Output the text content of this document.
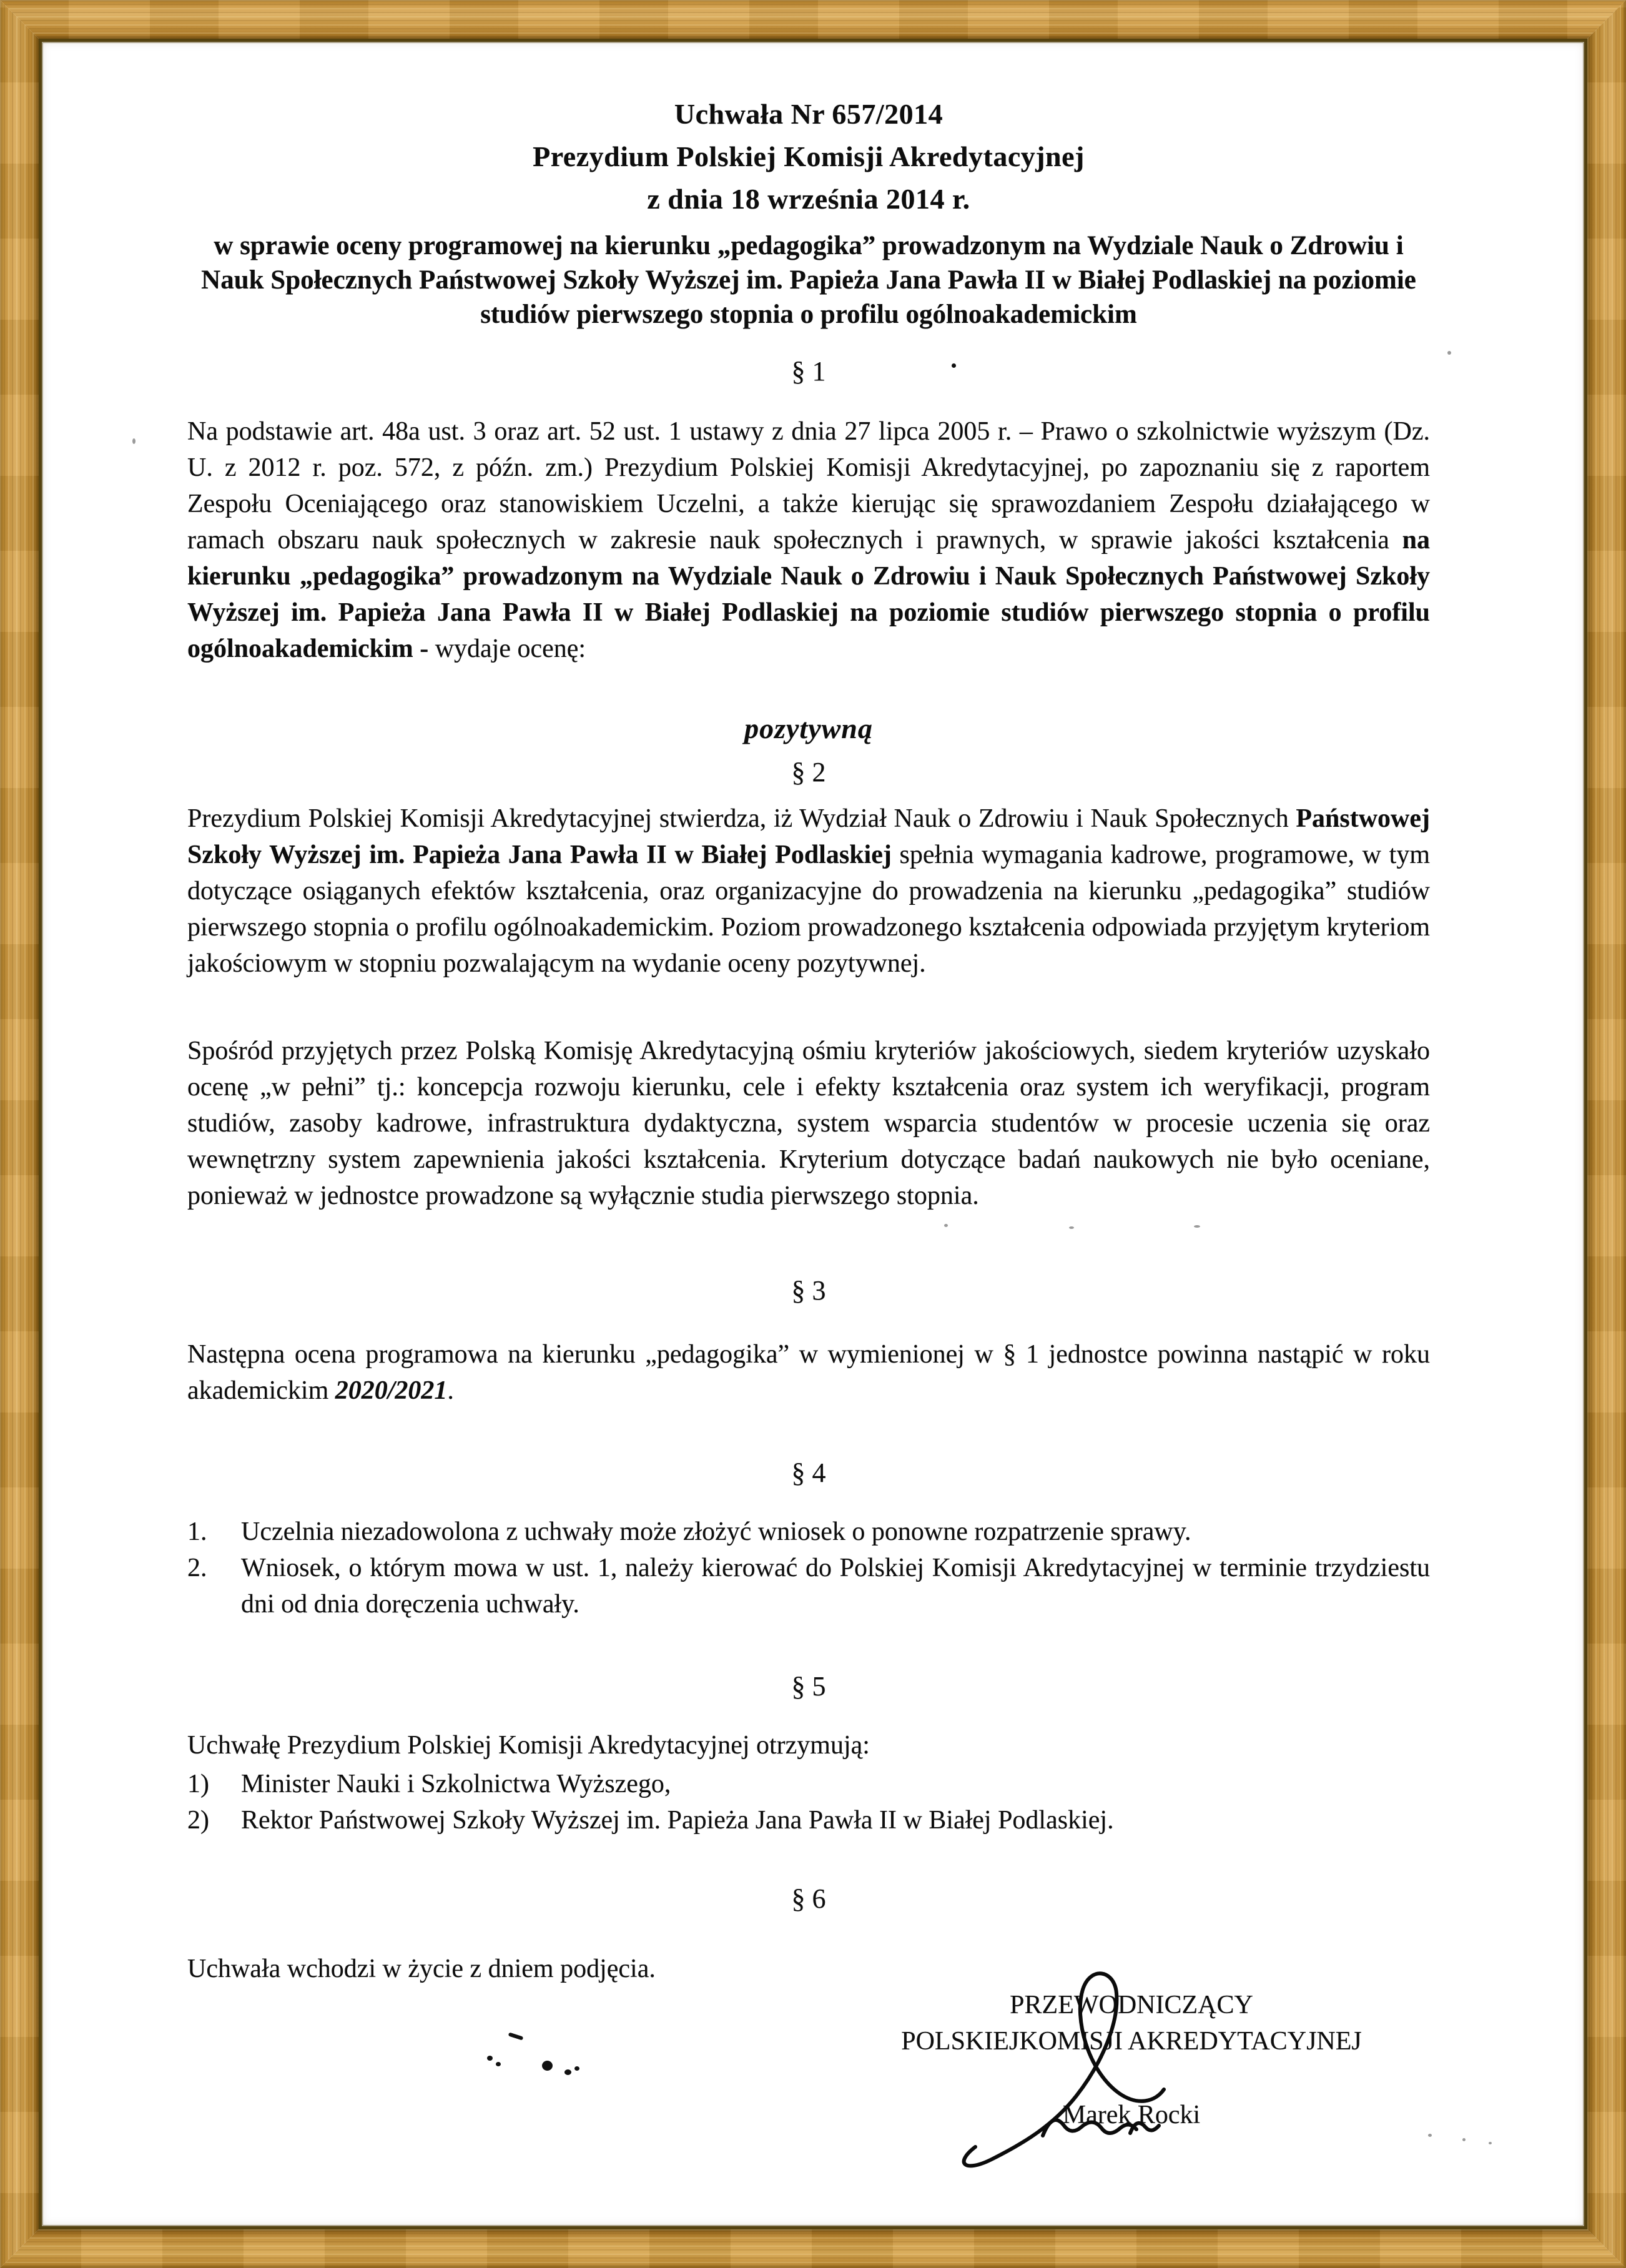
Uchwała Nr 657/2014
Prezydium Polskiej Komisji Akredytacyjnej
z dnia 18 września 2014 r.
w sprawie oceny programowej na kierunku „pedagogika” prowadzonym na Wydziale Nauk o Zdrowiu i Nauk Społecznych Państwowej Szkoły Wyższej im. Papieża Jana Pawła II w Białej Podlaskiej na poziomie studiów pierwszego stopnia o profilu ogólnoakademickim
§ 1
Na podstawie art. 48a ust. 3 oraz art. 52 ust. 1 ustawy z dnia 27 lipca 2005 r. – Prawo o szkolnictwie wyższym (Dz. U. z 2012 r. poz. 572, z późn. zm.) Prezydium Polskiej Komisji Akredytacyjnej, po zapoznaniu się z raportem Zespołu Oceniającego oraz stanowiskiem Uczelni, a także kierując się sprawozdaniem Zespołu działającego w ramach obszaru nauk społecznych w zakresie nauk społecznych i prawnych, w sprawie jakości kształcenia na kierunku „pedagogika” prowadzonym na Wydziale Nauk o Zdrowiu i Nauk Społecznych Państwowej Szkoły Wyższej im. Papieża Jana Pawła II w Białej Podlaskiej na poziomie studiów pierwszego stopnia o profilu ogólnoakademickim - wydaje ocenę:
pozytywną
§ 2
Prezydium Polskiej Komisji Akredytacyjnej stwierdza, iż Wydział Nauk o Zdrowiu i Nauk Społecznych Państwowej Szkoły Wyższej im. Papieża Jana Pawła II w Białej Podlaskiej spełnia wymagania kadrowe, programowe, w tym dotyczące osiąganych efektów kształcenia, oraz organizacyjne do prowadzenia na kierunku „pedagogika” studiów pierwszego stopnia o profilu ogólnoakademickim. Poziom prowadzonego kształcenia odpowiada przyjętym kryteriom jakościowym w stopniu pozwalającym na wydanie oceny pozytywnej.
Spośród przyjętych przez Polską Komisję Akredytacyjną ośmiu kryteriów jakościowych, siedem kryteriów uzyskało ocenę „w pełni” tj.: koncepcja rozwoju kierunku, cele i efekty kształcenia oraz system ich weryfikacji, program studiów, zasoby kadrowe, infrastruktura dydaktyczna, system wsparcia studentów w procesie uczenia się oraz wewnętrzny system zapewnienia jakości kształcenia. Kryterium dotyczące badań naukowych nie było oceniane, ponieważ w jednostce prowadzone są wyłącznie studia pierwszego stopnia.
§ 3
Następna ocena programowa na kierunku „pedagogika” w wymienionej w § 1 jednostce powinna nastąpić w roku akademickim 2020/2021.
§ 4
1.	Uczelnia niezadowolona z uchwały może złożyć wniosek o ponowne rozpatrzenie sprawy.
2.	Wniosek, o którym mowa w ust. 1, należy kierować do Polskiej Komisji Akredytacyjnej w terminie trzydziestu dni od dnia doręczenia uchwały.
§ 5
Uchwałę Prezydium Polskiej Komisji Akredytacyjnej otrzymują:
1)	Minister Nauki i Szkolnictwa Wyższego,
2)	Rektor Państwowej Szkoły Wyższej im. Papieża Jana Pawła II w Białej Podlaskiej.
§ 6
Uchwała wchodzi w życie z dniem podjęcia.
PRZEWODNICZĄCY
POLSKIEJKOMISJI AKREDYTACYJNEJ
Marek Rocki
